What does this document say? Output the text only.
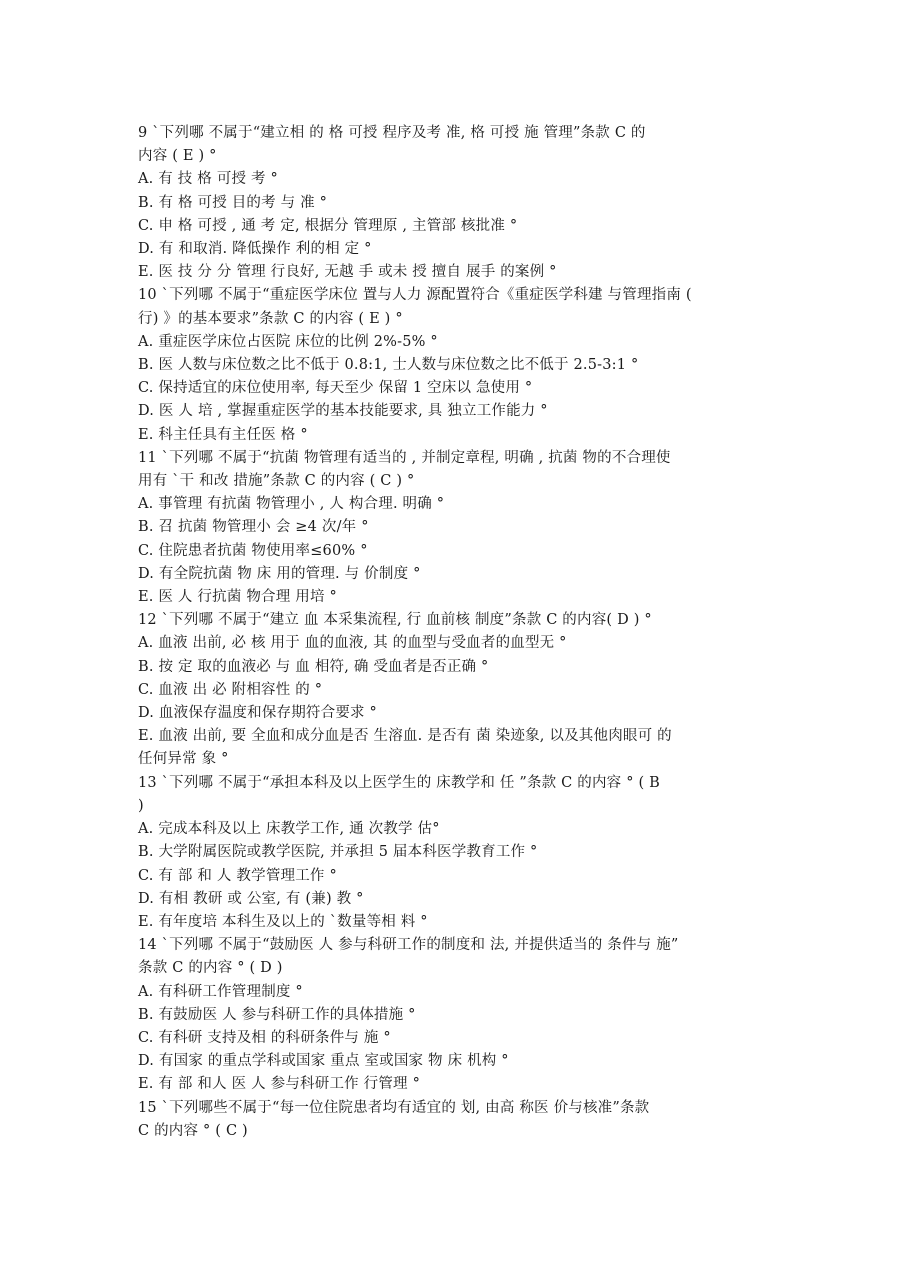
9 `下列哪 不属于“建立相 的 格 可授 程序及考 准, 格 可授 施 管理”条款 C 的
内容 ( E ) °
A. 有 技 格 可授 考 °
B. 有 格 可授 目的考 与 准 °
C. 申 格 可授 , 通 考 定, 根据分 管理原 , 主管部 核批准 °
D. 有 和取消. 降低操作 利的相 定 °
E. 医 技 分 分 管理 行良好, 无越 手 或未 授 擅自 展手 的案例 °
10 `下列哪 不属于“重症医学床位 置与人力 源配置符合《重症医学科建 与管理指南 (
行) 》的基本要求”条款 C 的内容 ( E ) °
A. 重症医学床位占医院 床位的比例 2%-5% °
B. 医 人数与床位数之比不低于 0.8:1, 士人数与床位数之比不低于 2.5-3:1 °
C. 保持适宜的床位使用率, 每天至少 保留 1 空床以 急使用 °
D. 医 人 培 , 掌握重症医学的基本技能要求, 具 独立工作能力 °
E. 科主任具有主任医 格 °
11 `下列哪 不属于“抗菌 物管理有适当的 , 并制定章程, 明确 , 抗菌 物的不合理使
用有 `干 和改 措施”条款 C 的内容 ( C ) °
A. 事管理 有抗菌 物管理小 , 人 构合理. 明确 °
B. 召 抗菌 物管理小 会 ≥4 次/年 °
C. 住院患者抗菌 物使用率≤60% °
D. 有全院抗菌 物 床 用的管理. 与 价制度 °
E. 医 人 行抗菌 物合理 用培 °
12 `下列哪 不属于“建立 血 本采集流程, 行 血前核 制度”条款 C 的内容( D ) °
A. 血液 出前, 必 核 用于 血的血液, 其 的血型与受血者的血型无 °
B. 按 定 取的血液必 与 血 相符, 确 受血者是否正确 °
C. 血液 出 必 附相容性 的 °
D. 血液保存温度和保存期符合要求 °
E. 血液 出前, 要 全血和成分血是否 生溶血. 是否有 菌 染迹象, 以及其他肉眼可 的
任何异常 象 °
13 `下列哪 不属于“承担本科及以上医学生的 床教学和 任 ”条款 C 的内容 ° ( B
)
A. 完成本科及以上 床教学工作, 通 次教学 估°
B. 大学附属医院或教学医院, 并承担 5 届本科医学教育工作 °
C. 有 部 和 人 教学管理工作 °
D. 有相 教研 或 公室, 有 (兼) 教 °
E. 有年度培 本科生及以上的 `数量等相 料 °
14 `下列哪 不属于“鼓励医 人 参与科研工作的制度和 法, 并提供适当的 条件与 施”
条款 C 的内容 ° ( D )
A. 有科研工作管理制度 °
B. 有鼓励医 人 参与科研工作的具体措施 °
C. 有科研 支持及相 的科研条件与 施 °
D. 有国家 的重点学科或国家 重点 室或国家 物 床 机构 °
E. 有 部 和人 医 人 参与科研工作 行管理 °
15 `下列哪些不属于“每一位住院患者均有适宜的 划, 由高 称医 价与核准”条款
C 的内容 ° ( C )
